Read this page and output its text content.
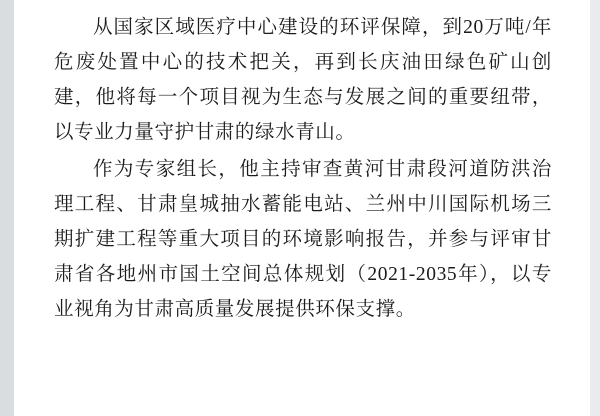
从国家区域医疗中心建设的环评保障，到20万吨/年危废处置中心的技术把关，再到长庆油田绿色矿山创建，他将每一个项目视为生态与发展之间的重要纽带，以专业力量守护甘肃的绿水青山。

作为专家组长，他主持审查黄河甘肃段河道防洪治理工程、甘肃皇城抽水蓄能电站、兰州中川国际机场三期扩建工程等重大项目的环境影响报告，并参与评审甘肃省各地州市国土空间总体规划（2021-2035年），以专业视角为甘肃高质量发展提供环保支撑。
